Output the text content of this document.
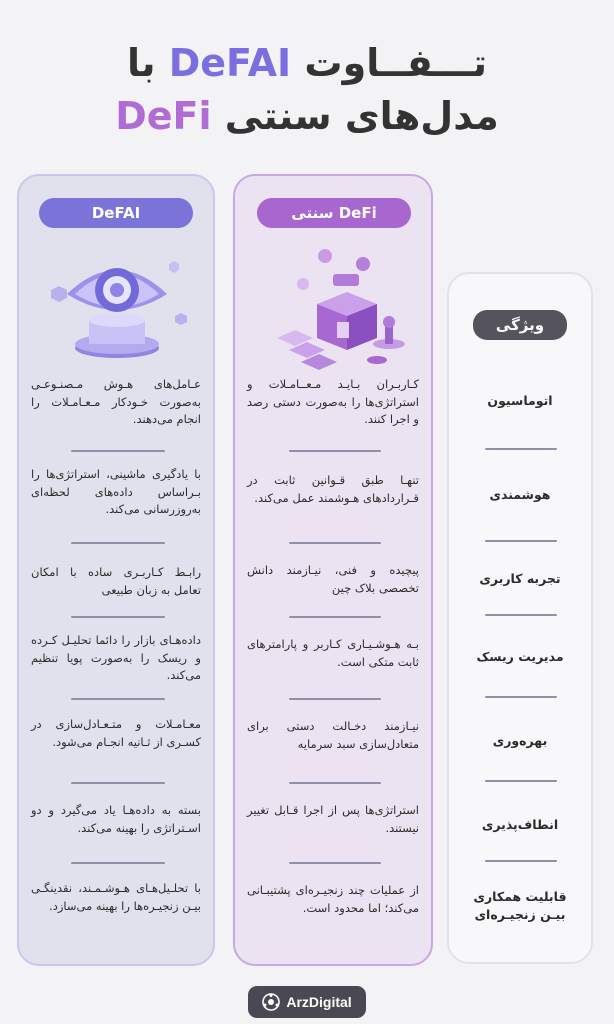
تـــفــاوت DeFAI با
مدل‌های سنتی DeFi
DeFAI
عـامل‌های هـوش مـصنـوعـی به‌صورت خـودکار مـعـامـلات را انجام می‌دهند.
با یادگیری ماشینی، استراتژی‌ها را بـراساس داده‌های لحظه‌ای به‌روزرسانی می‌کند.
رابـط کـاربـری ساده با امکان تعامل به زبان طبیعی
داده‌هـای بازار را دائما تحلیـل کـرده و ریسک را به‌صورت پویا تنظیم می‌کند.
معـامـلات و متـعـادل‌سازی در کسـری از ثـانیه انجـام می‌شود.
بسته به داده‌هـا یاد می‌گیرد و دو اسـتراتژی را بهینه می‌کند.
با تحلـیل‌هـای هـوشـمـند، نقدینگـی بیـن زنجیـره‌ها را بهینه می‌سازد.
DeFi سنتی
کـاربـران بـایـد مـعــامـلات و استراتژی‌ها را به‌صورت دستی رصد و اجرا کنند.
تنهـا طبق قـوانین ثابت در قـراردادهای هـوشمند عمل می‌کند.
پیچیده و فنی، نیـازمند دانش تخصصی بلاک چین
بـه هـوشـیـاری کـاربر و پارامترهای ثابت متکی است.
نیـازمند دخـالت دستی برای متعادل‌سازی سبد سرمایه
استراتژی‌ها پس از اجرا قـابل تغییر نیستند.
از عملیات چند زنجیـره‌ای پشتیبـانی می‌کند؛ اما محدود است.
ویژگی
اتوماسیون
هوشمندی
تجربه کاربری
مدیریت ریسک
بهره‌وری
انطاف‌پذیری
قابلیت همکاری بیـن زنجیـره‌ای
ArzDigital
